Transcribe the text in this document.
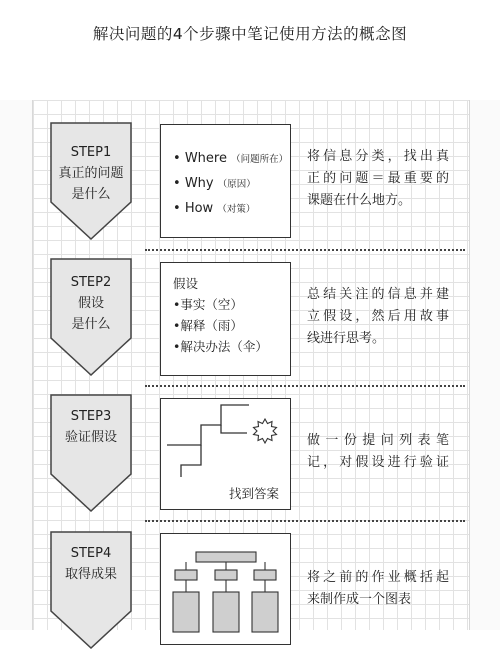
解决问题的4个步骤中笔记使用方法的概念图
STEP1
真正的问题
是什么
• Where （问题所在）
• Why （原因）
• How （对策）
将信息分类，找出真
正的问题＝最重要的
课题在什么地方。
STEP2
假设
是什么
假设
•事实（空）
•解释（雨）
•解决办法（伞）
总结关注的信息并建
立假设，然后用故事
线进行思考。
STEP3
验证假设
找到答案
做一份提问列表笔
记，对假设进行验证
STEP4
取得成果	将之前的作业概括起
来制作成一个图表
